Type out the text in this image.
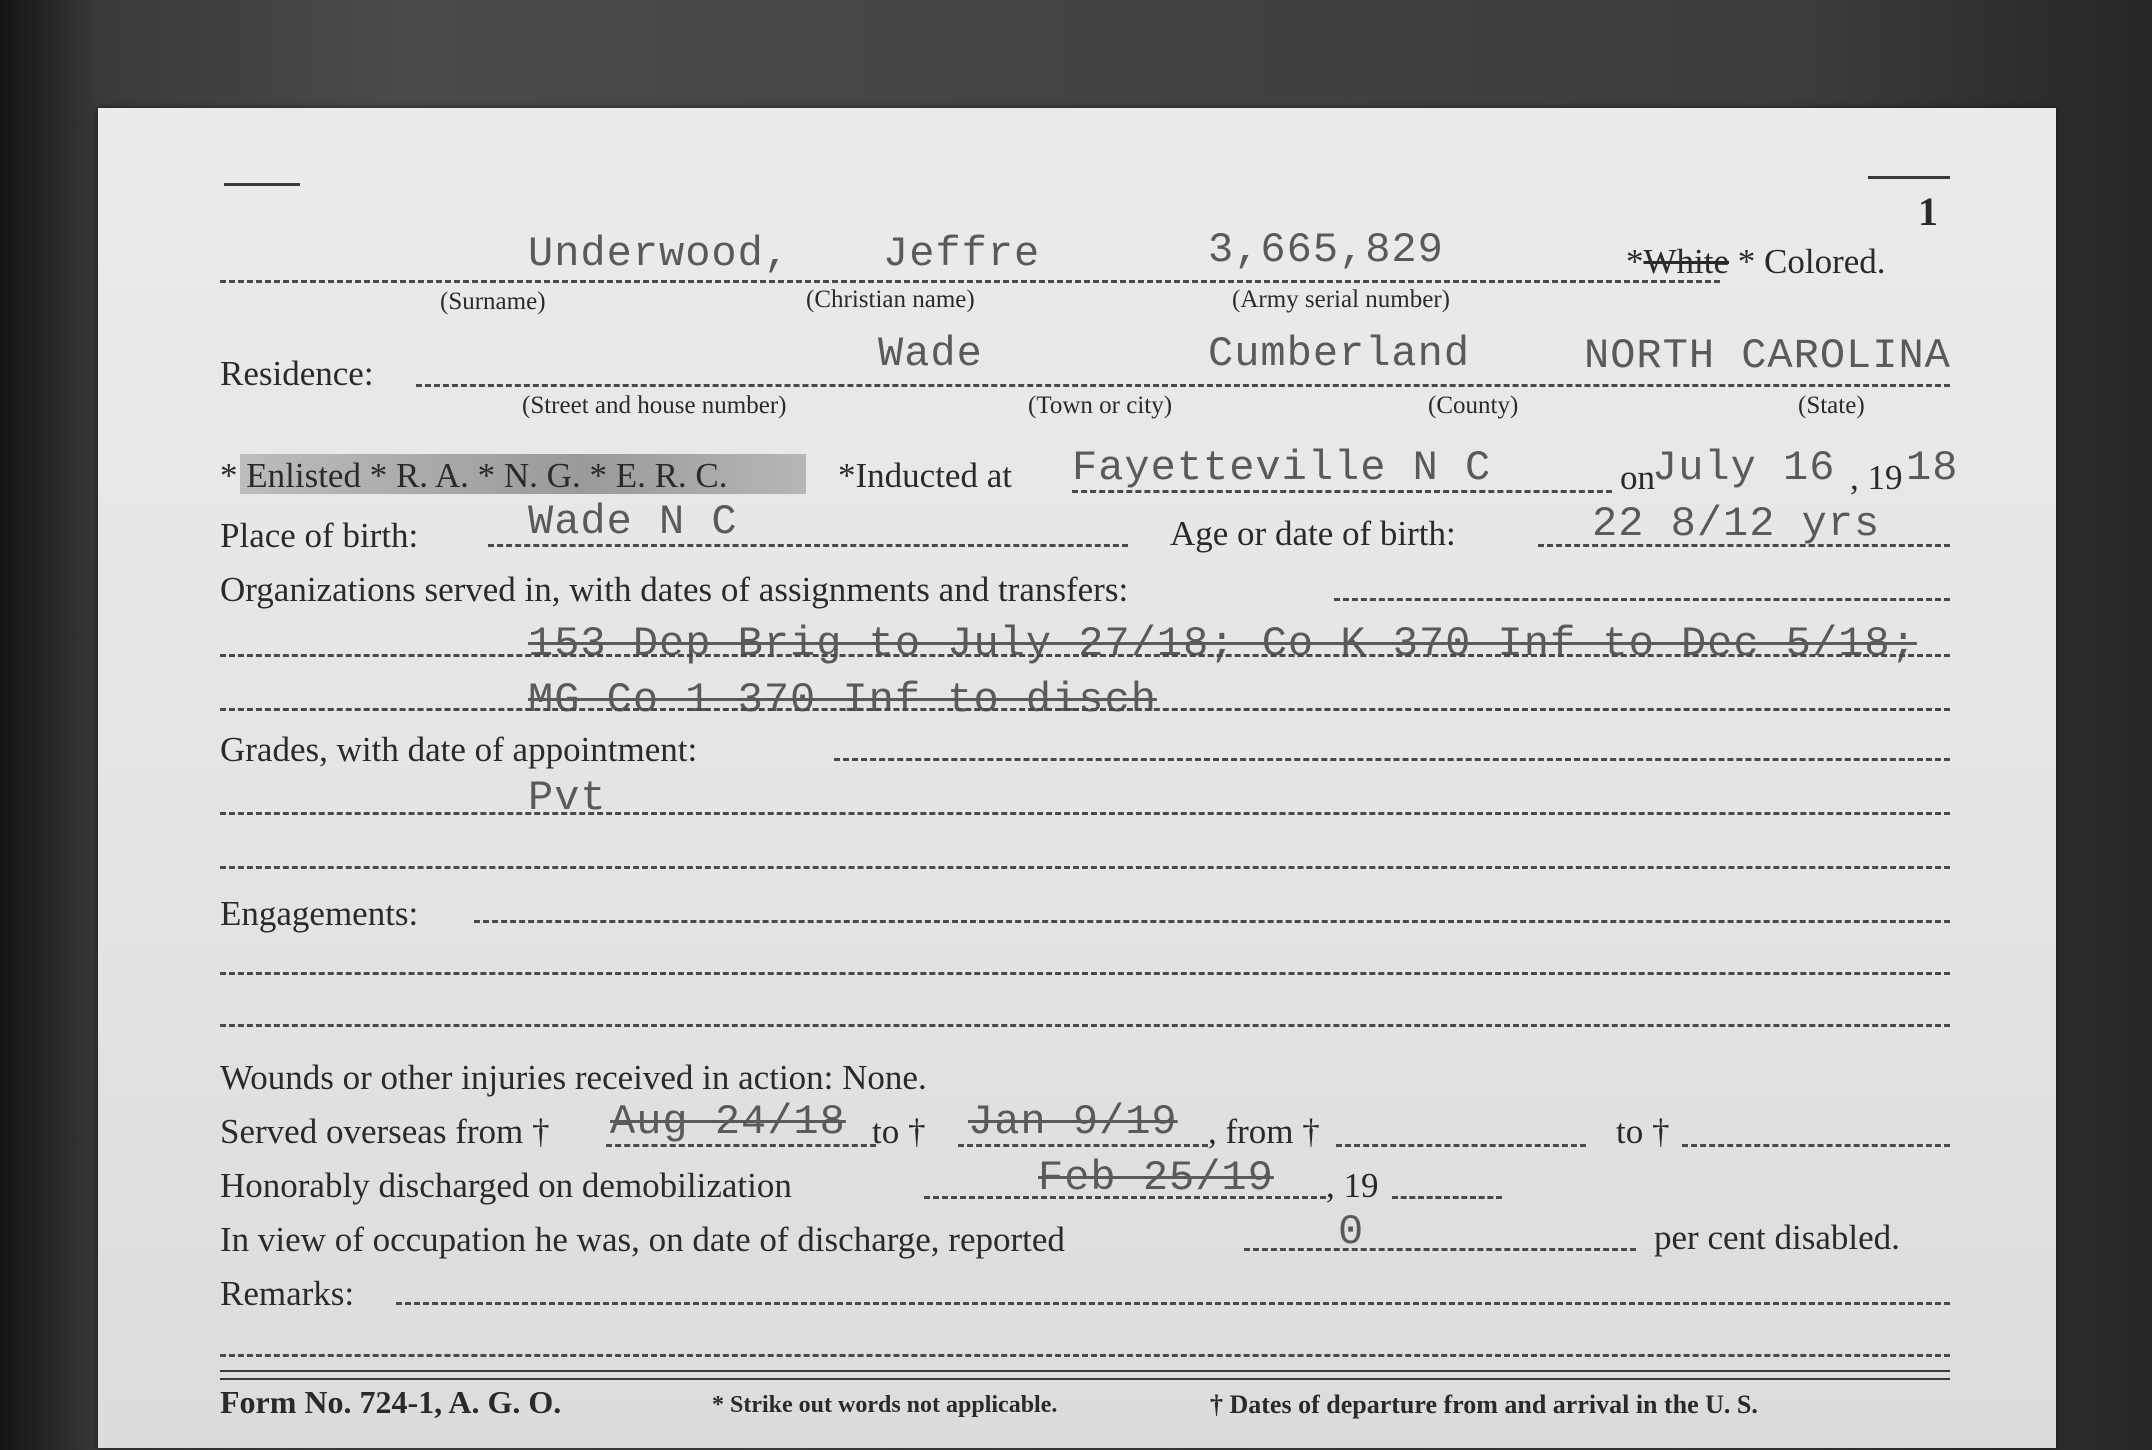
1
Underwood, Jeffre	3,665,829	*White * Colored.
(Surname)	(Christian name)	(Army serial number)
Residence:	Wade	Cumberland	NORTH CAROLINA
(Street and house number)	(Town or city)	(County)	(State)
* Enlisted * R. A. * N. G. * E. R. C.	*Inducted at Fayetteville N C	on
July 16 , 19 18
Place of birth:	Wade N C	Age or date of birth:	22 8/12 yrs
Organizations served in, with dates of assignments and transfers:
153 Dep Brig to July 27/18; Co K 370 Inf to Dec 5/18;
MG Co 1 370 Inf to disch
Grades, with date of appointment:
Pvt
Engagements:
Wounds or other injuries received in action: None.
Served overseas from † Aug 24/18 to † Jan 9/19 , from †	to †
Honorably discharged on demobilization	Feb 25/19 , 19
In view of occupation he was, on date of discharge, reported	0	per cent disabled.
Remarks:
Form No. 724-1, A. G. O.	* Strike out words not applicable.	† Dates of departure from and arrival in the U. S.
